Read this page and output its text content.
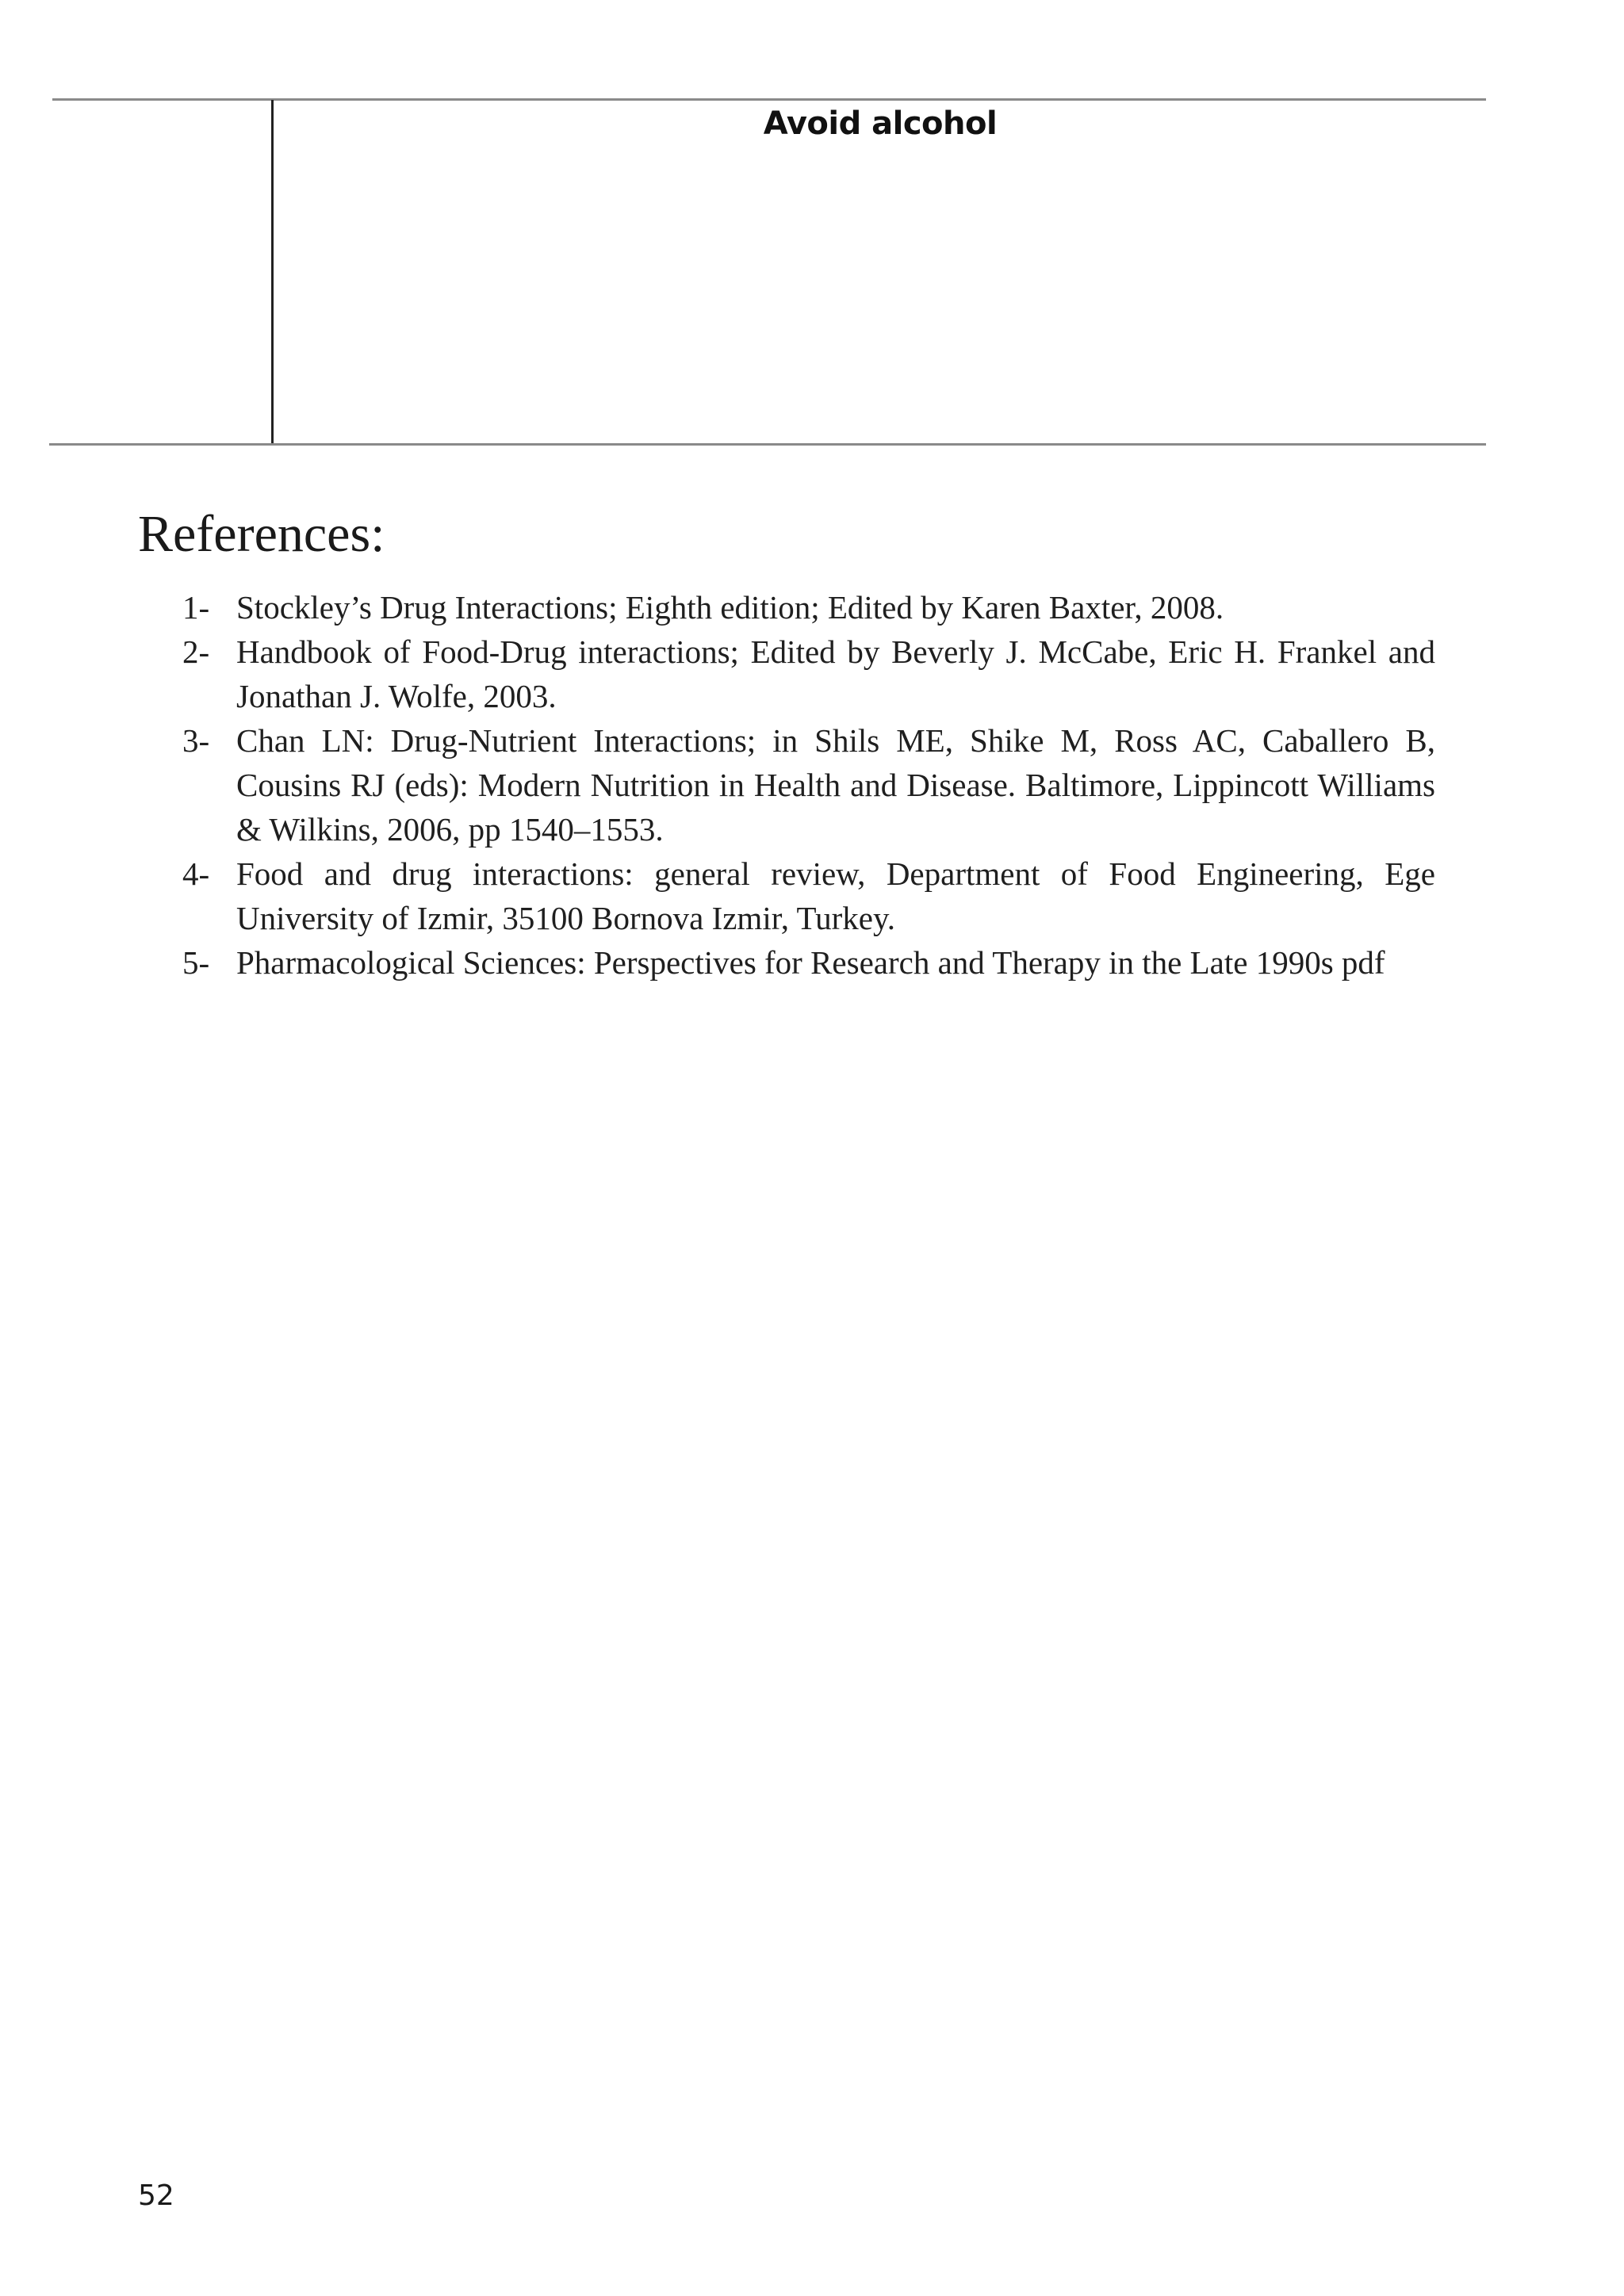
Avoid alcohol
References:
1- Stockley’s Drug Interactions; Eighth edition; Edited by Karen Baxter, 2008.
2- Handbook of Food-Drug interactions; Edited by Beverly J. McCabe, Eric H. Frankel and Jonathan J. Wolfe, 2003.
3- Chan LN: Drug-Nutrient Interactions; in Shils ME, Shike M, Ross AC, Caballero B, Cousins RJ (eds): Modern Nutrition in Health and Disease. Baltimore, Lippincott Williams & Wilkins, 2006, pp 1540–1553.
4- Food and drug interactions: general review, Department of Food Engineering, Ege University of Izmir, 35100 Bornova Izmir, Turkey.
5- Pharmacological Sciences: Perspectives for Research and Therapy in the Late 1990s pdf
52
